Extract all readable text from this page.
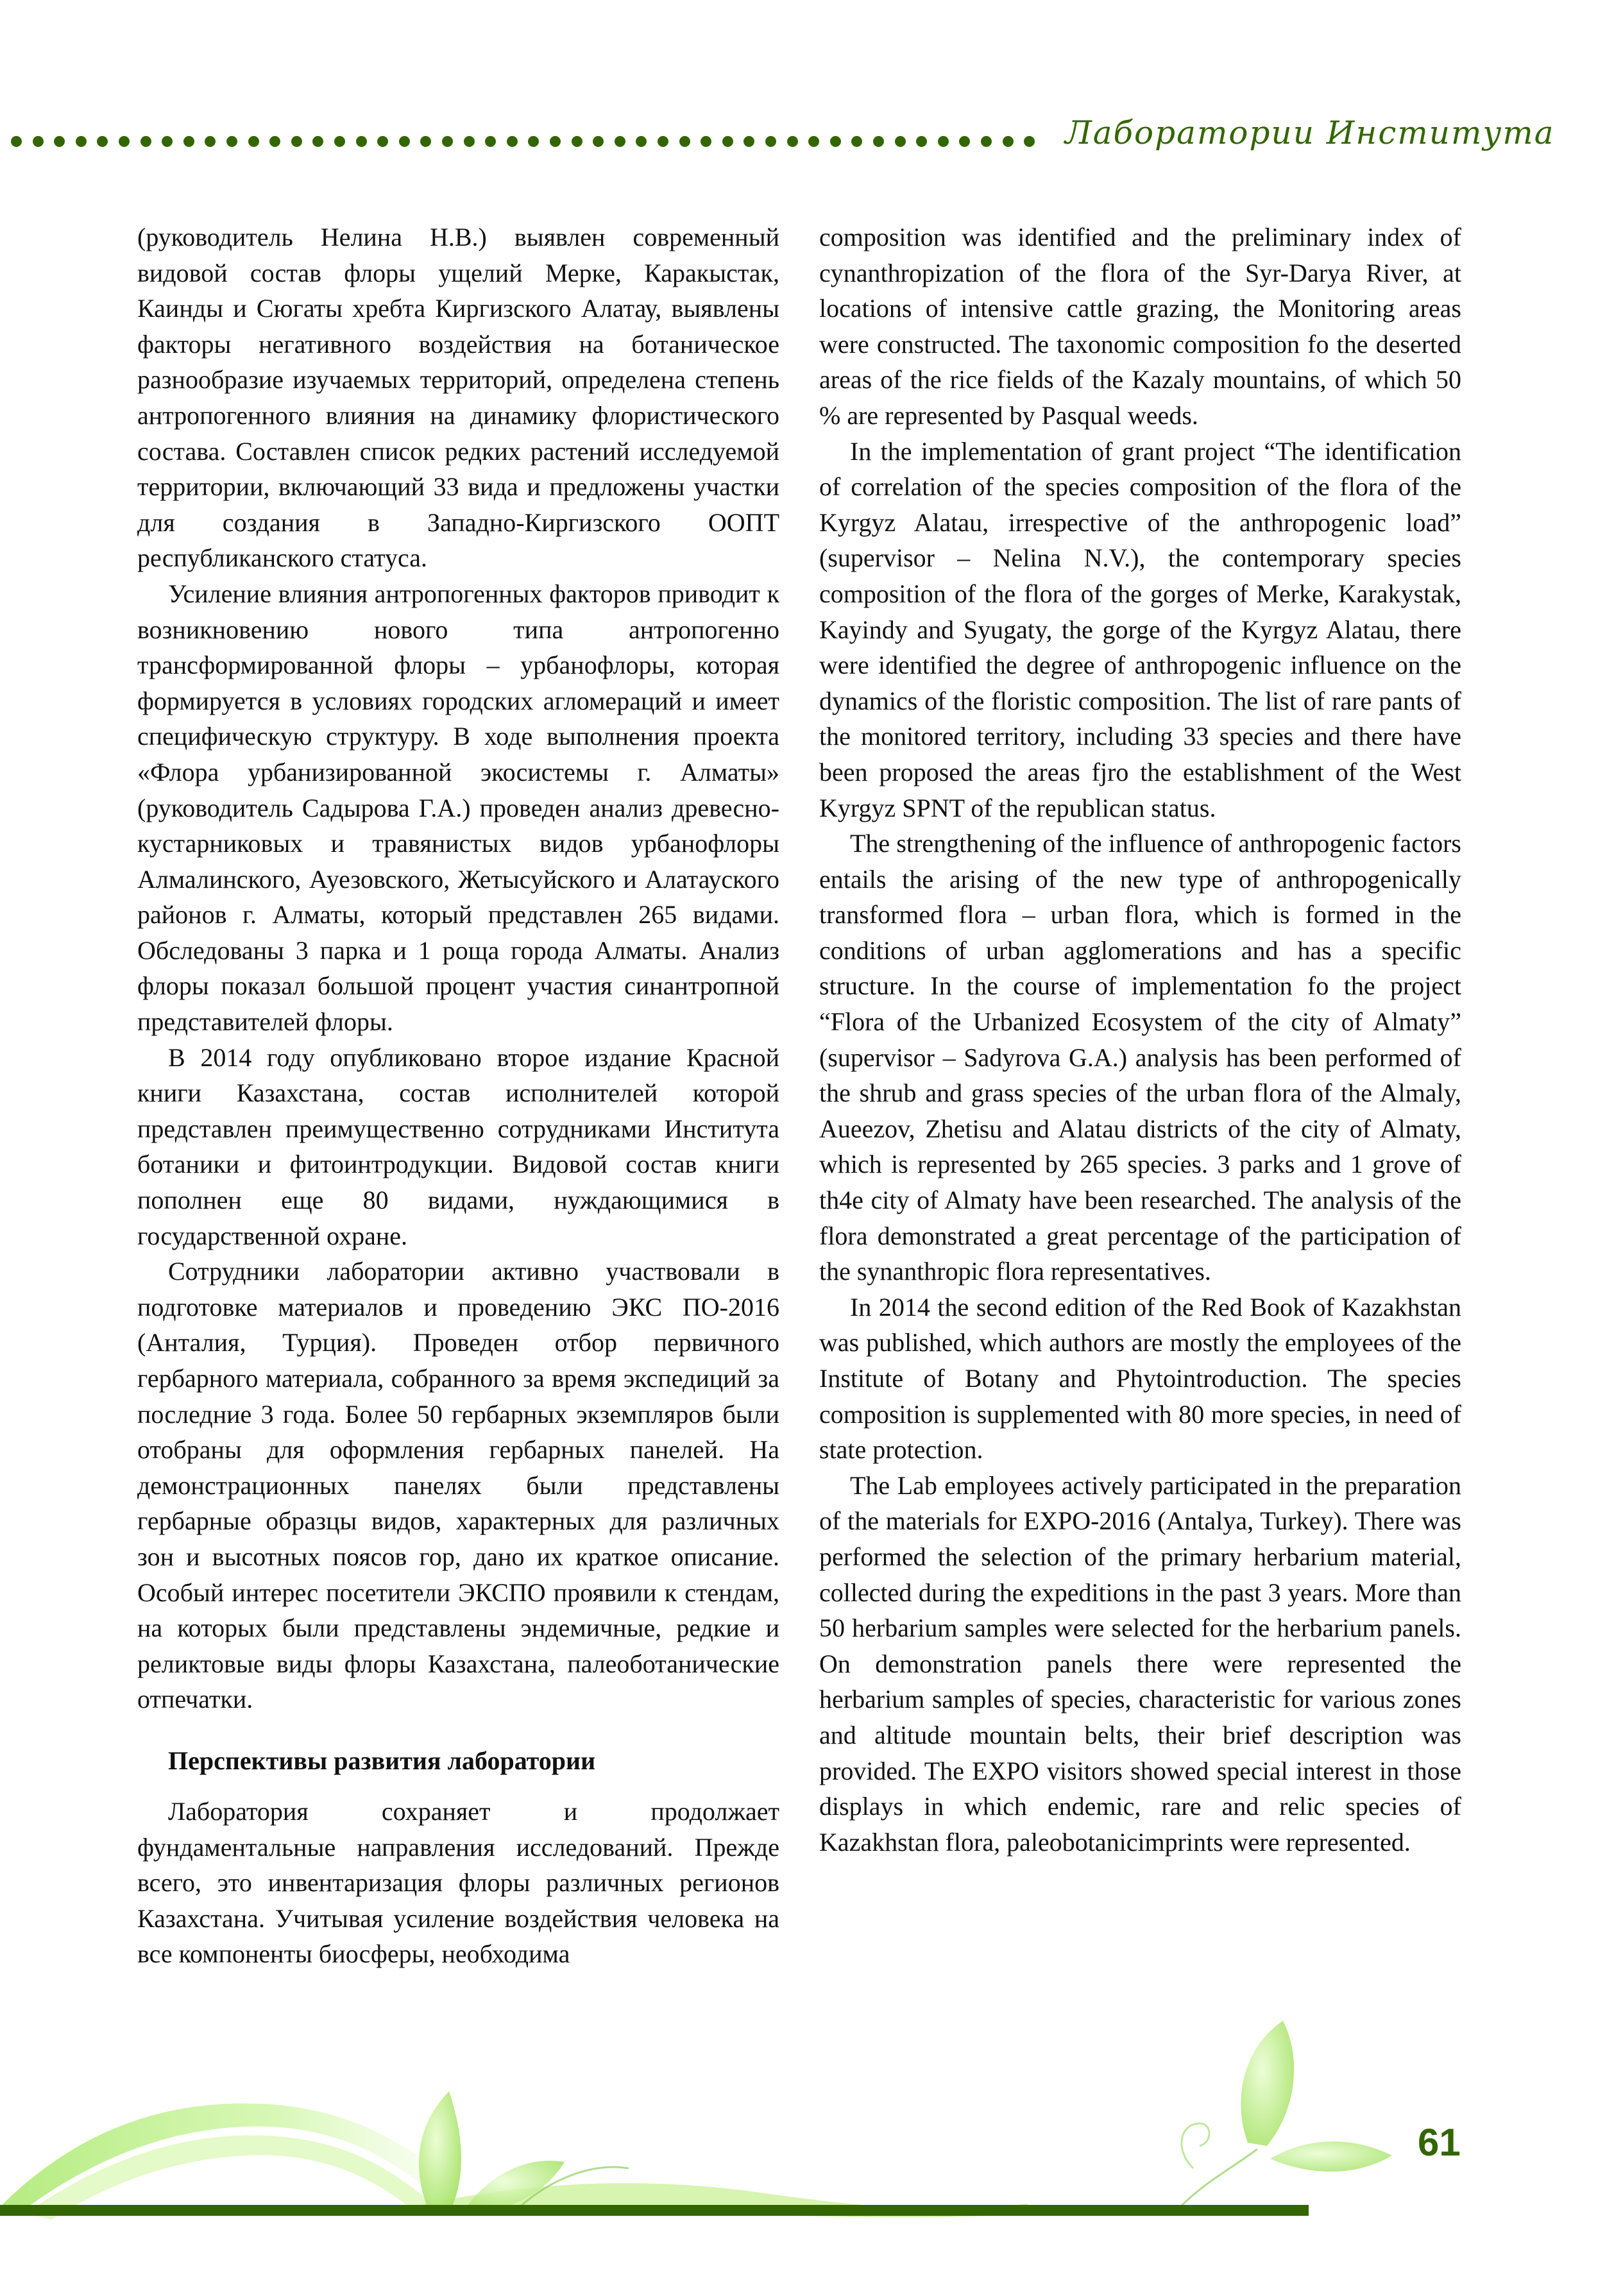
Лаборатории Института

(руководитель Нелина Н.В.) выявлен современный видовой состав флоры ущелий Мерке, Каракыстак, Каинды и Сюгаты хребта Киргизского Алатау, выявлены факторы негативного воздействия на ботаническое разнообразие изучаемых территорий, определена степень антропогенного влияния на динамику флористического состава. Составлен список редких растений исследуемой территории, включающий 33 вида и предложены участки для создания в Западно-Киргизского ООПТ республиканского статуса.

Усиление влияния антропогенных факторов приводит к возникновению нового типа антропогенно трансформированной флоры – урбанофлоры, которая формируется в условиях городских агломераций и имеет специфическую структуру. В ходе выполнения проекта «Флора урбанизированной экосистемы г. Алматы» (руководитель Садырова Г.А.) проведен анализ древесно-кустарниковых и травянистых видов урбанофлоры Алмалинского, Ауезовского, Жетысуйского и Алатауского районов г. Алматы, который представлен 265 видами. Обследованы 3 парка и 1 роща города Алматы. Анализ флоры показал большой процент участия синантропной представителей флоры.

В 2014 году опубликовано второе издание Красной книги Казахстана, состав исполнителей которой представлен преимущественно сотрудниками Института ботаники и фитоинтродукции. Видовой состав книги пополнен еще 80 видами, нуждающимися в государственной охране.

Сотрудники лаборатории активно участвовали в подготовке материалов и проведению ЭКС ПО-2016 (Анталия, Турция). Проведен отбор первичного гербарного материала, собранного за время экспедиций за последние 3 года. Более 50 гербарных экземпляров были отобраны для оформления гербарных панелей. На демонстрационных панелях были представлены гербарные образцы видов, характерных для различных зон и высотных поясов гор, дано их краткое описание. Особый интерес посетители ЭКСПО проявили к стендам, на которых были представлены эндемичные, редкие и реликтовые виды флоры Казахстана, палеоботанические отпечатки.

Перспективы развития лаборатории

Лаборатория сохраняет и продолжает фундаментальные направления исследований. Прежде всего, это инвентаризация флоры различных регионов Казахстана. Учитывая усиление воздействия человека на все компоненты биосферы, необходима

composition was identified and the preliminary index of cynanthropization of the flora of the Syr-Darya River, at locations of intensive cattle grazing, the Monitoring areas were constructed. The taxonomic composition fo the deserted areas of the rice fields of the Kazaly mountains, of which 50 % are represented by Pasqual weeds.

In the implementation of grant project “The identification of correlation of the species composition of the flora of the Kyrgyz Alatau, irrespective of the anthropogenic load” (supervisor – Nelina N.V.), the contemporary species composition of the flora of the gorges of Merke, Karakystak, Kayindy and Syugaty, the gorge of the Kyrgyz Alatau, there were identified the degree of anthropogenic influence on the dynamics of the floristic composition. The list of rare pants of the monitored territory, including 33 species and there have been proposed the areas fjro the establishment of the West Kyrgyz SPNT of the republican status.

The strengthening of the influence of anthropogenic factors entails the arising of the new type of anthropogenically transformed flora – urban flora, which is formed in the conditions of urban agglomerations and has a specific structure. In the course of implementation fo the project “Flora of the Urbanized Ecosystem of the city of Almaty” (supervisor – Sadyrova G.A.) analysis has been performed of the shrub and grass species of the urban flora of the Almaly, Aueezov, Zhetisu and Alatau districts of the city of Almaty, which is represented by 265 species. 3 parks and 1 grove of th4e city of Almaty have been researched. The analysis of the flora demonstrated a great percentage of the participation of the synanthropic flora representatives.

In 2014 the second edition of the Red Book of Kazakhstan was published, which authors are mostly the employees of the Institute of Botany and Phytointroduction. The species composition is supplemented with 80 more species, in need of state protection.

The Lab employees actively participated in the preparation of the materials for EXPO-2016 (Antalya, Turkey). There was performed the selection of the primary herbarium material, collected during the expeditions in the past 3 years. More than 50 herbarium samples were selected for the herbarium panels. On demonstration panels there were represented the herbarium samples of species, characteristic for various zones and altitude mountain belts, their brief description was provided. The EXPO visitors showed special interest in those displays in which endemic, rare and relic species of Kazakhstan flora, paleobotanicimprints were represented.

61
